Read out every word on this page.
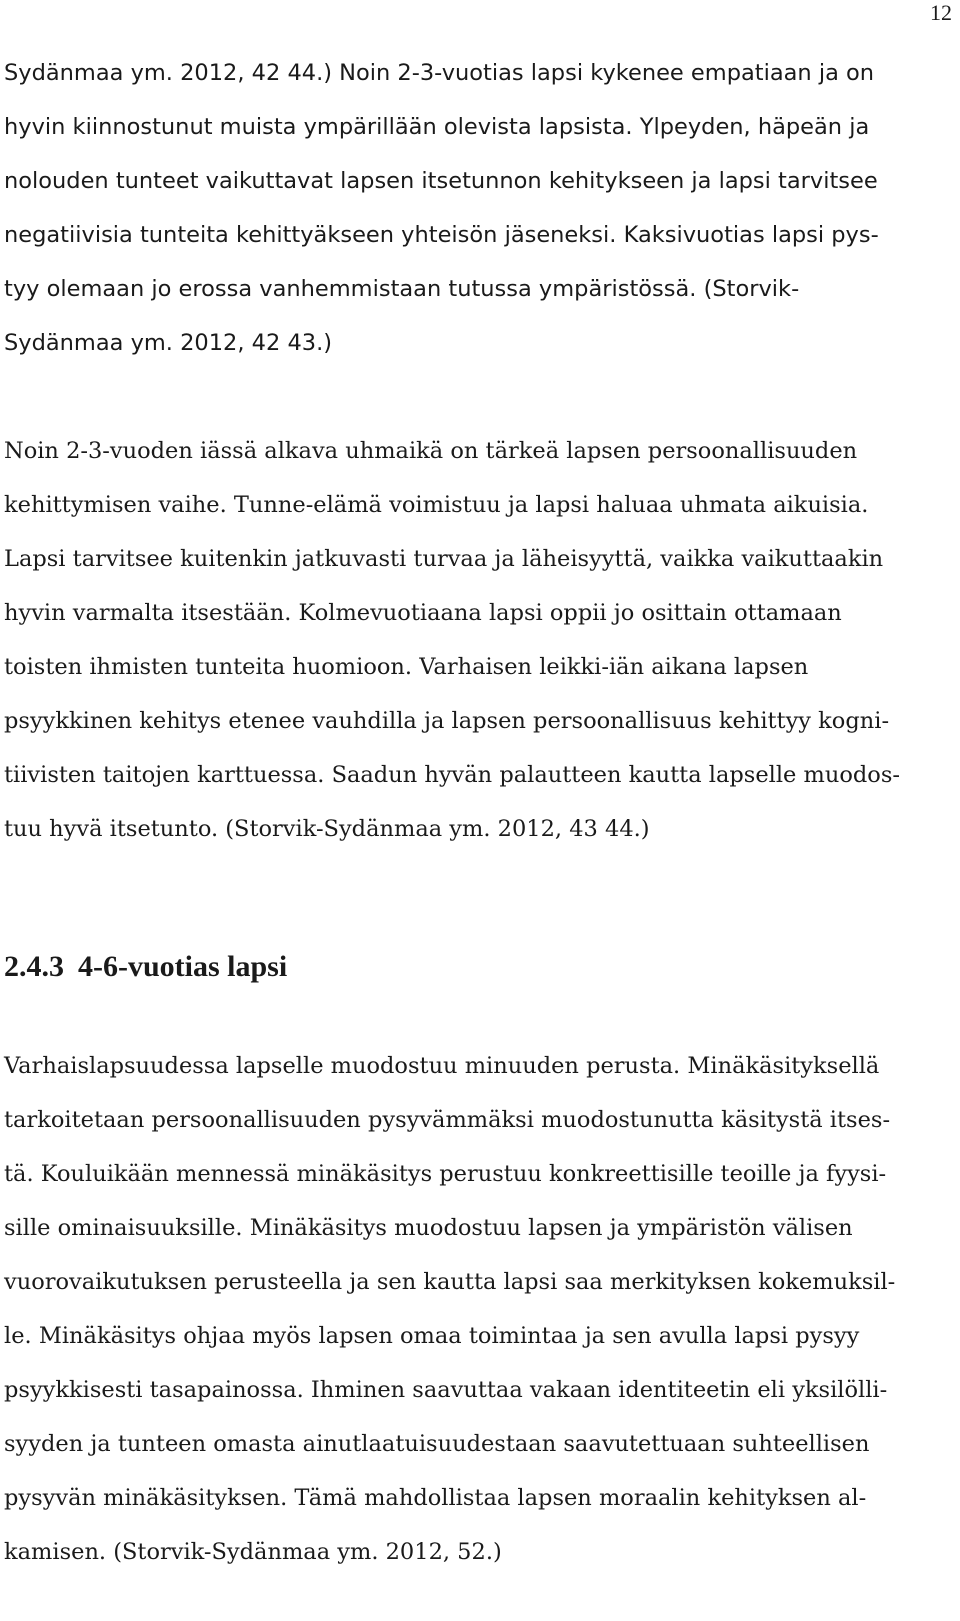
12
Sydänmaa ym. 2012, 42 44.) Noin 2-3-vuotias lapsi kykenee empatiaan ja on
hyvin kiinnostunut muista ympärillään olevista lapsista. Ylpeyden, häpeän ja
nolouden tunteet vaikuttavat lapsen itsetunnon kehitykseen ja lapsi tarvitsee
negatiivisia tunteita kehittyäkseen yhteisön jäseneksi. Kaksivuotias lapsi pys-
tyy olemaan jo erossa vanhemmistaan tutussa ympäristössä. (Storvik-
Sydänmaa ym. 2012, 42 43.)
Noin 2-3-vuoden iässä alkava uhmaikä on tärkeä lapsen persoonallisuuden
kehittymisen vaihe. Tunne-elämä voimistuu ja lapsi haluaa uhmata aikuisia.
Lapsi tarvitsee kuitenkin jatkuvasti turvaa ja läheisyyttä, vaikka vaikuttaakin
hyvin varmalta itsestään. Kolmevuotiaana lapsi oppii jo osittain ottamaan
toisten ihmisten tunteita huomioon. Varhaisen leikki-iän aikana lapsen
psyykkinen kehitys etenee vauhdilla ja lapsen persoonallisuus kehittyy kogni-
tiivisten taitojen karttuessa. Saadun hyvän palautteen kautta lapselle muodos-
tuu hyvä itsetunto. (Storvik-Sydänmaa ym. 2012, 43 44.)
2.4.3 4-6-vuotias lapsi
Varhaislapsuudessa lapselle muodostuu minuuden perusta. Minäkäsityksellä
tarkoitetaan persoonallisuuden pysyvämmäksi muodostunutta käsitystä itses-
tä. Kouluikään mennessä minäkäsitys perustuu konkreettisille teoille ja fyysi-
sille ominaisuuksille. Minäkäsitys muodostuu lapsen ja ympäristön välisen
vuorovaikutuksen perusteella ja sen kautta lapsi saa merkityksen kokemuksil-
le. Minäkäsitys ohjaa myös lapsen omaa toimintaa ja sen avulla lapsi pysyy
psyykkisesti tasapainossa. Ihminen saavuttaa vakaan identiteetin eli yksilölli-
syyden ja tunteen omasta ainutlaatuisuudestaan saavutettuaan suhteellisen
pysyvän minäkäsityksen. Tämä mahdollistaa lapsen moraalin kehityksen al-
kamisen. (Storvik-Sydänmaa ym. 2012, 52.)
